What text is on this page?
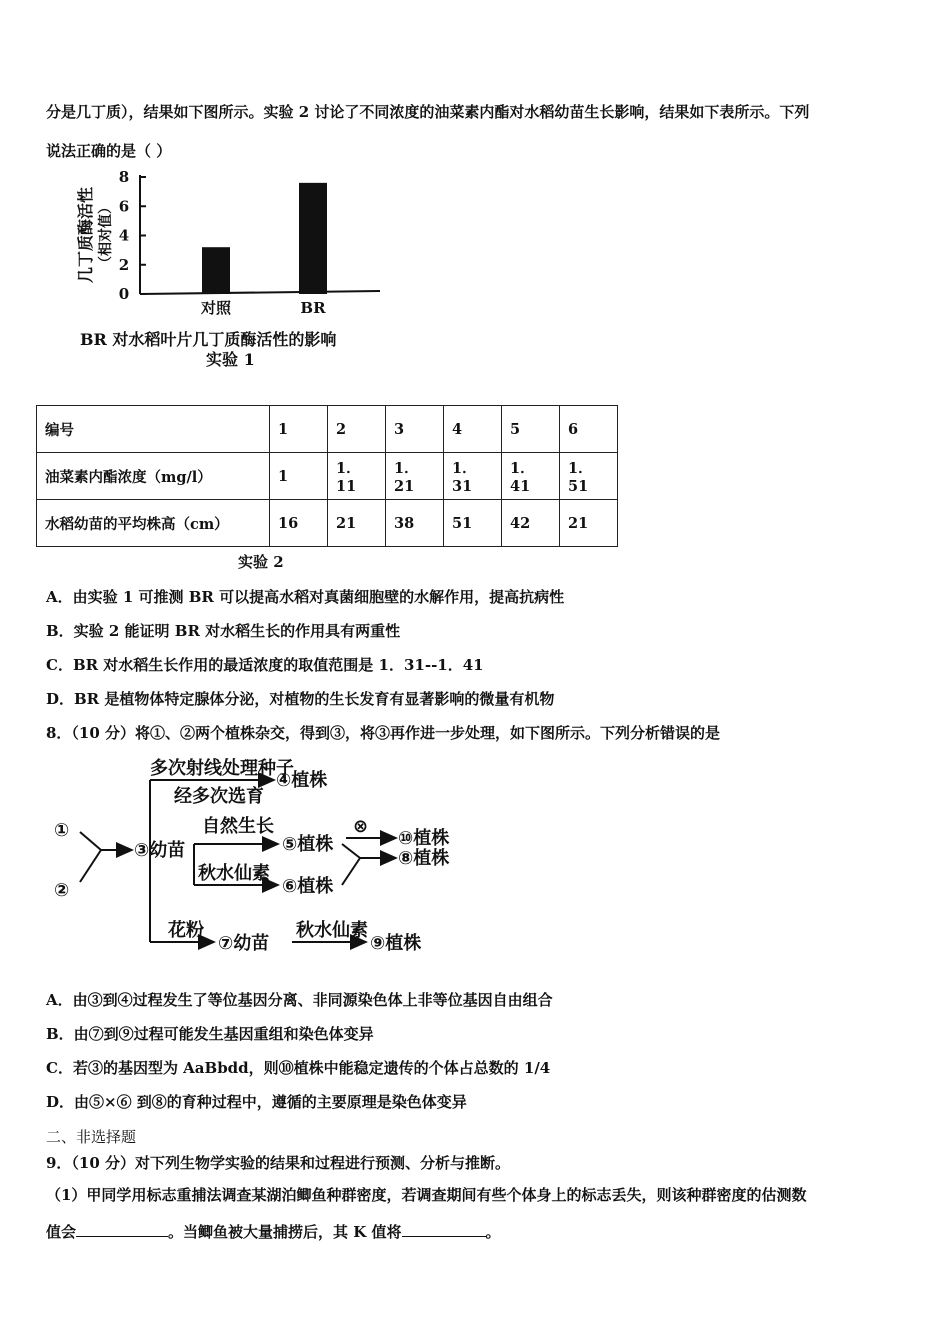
分是几丁质），结果如下图所示。实验 2 讨论了不同浓度的油菜素内酯对水稻幼苗生长影响，结果如下表所示。下列
说法正确的是（ ）
几丁质酶活性 （相对值）
0
2
4
6
8
对照	BR
BR 对水稻叶片几丁质酶活性的影响
实验 1
编号	1	2	3	4	5	6
油菜素内酯浓度（mg/l）	1	1．11	1．21	1．31	1．41	1．51
水稻幼苗的平均株高（cm）	16	21	38	51	42	21
实验 2
A．由实验 1 可推测 BR 可以提高水稻对真菌细胞壁的水解作用，提高抗病性
B．实验 2 能证明 BR 对水稻生长的作用具有两重性
C．BR 对水稻生长作用的最适浓度的取值范围是 1．31--1．41
D．BR 是植物体特定腺体分泌，对植物的生长发育有显著影响的微量有机物
8．（10 分）将①、②两个植株杂交，得到③，将③再作进一步处理，如下图所示。下列分析错误的是
①
②
③幼苗
多次射线处理种子
④植株
经多次选育
自然生长
⑤植株
秋水仙素
⑥植株
⊗
⑩植株
⑧植株
花粉
⑦幼苗
秋水仙素
⑨植株
A．由③到④过程发生了等位基因分离、非同源染色体上非等位基因自由组合
B．由⑦到⑨过程可能发生基因重组和染色体变异
C．若③的基因型为 AaBbdd，则⑩植株中能稳定遗传的个体占总数的 1/4
D．由⑤×⑥ 到⑧的育种过程中，遵循的主要原理是染色体变异
二、非选择题
9．（10 分）对下列生物学实验的结果和过程进行预测、分析与推断。
（1）甲同学用标志重捕法调查某湖泊鲫鱼种群密度，若调查期间有些个体身上的标志丢失，则该种群密度的估测数
值会	。当鲫鱼被大量捕捞后，其 K 值将	。
